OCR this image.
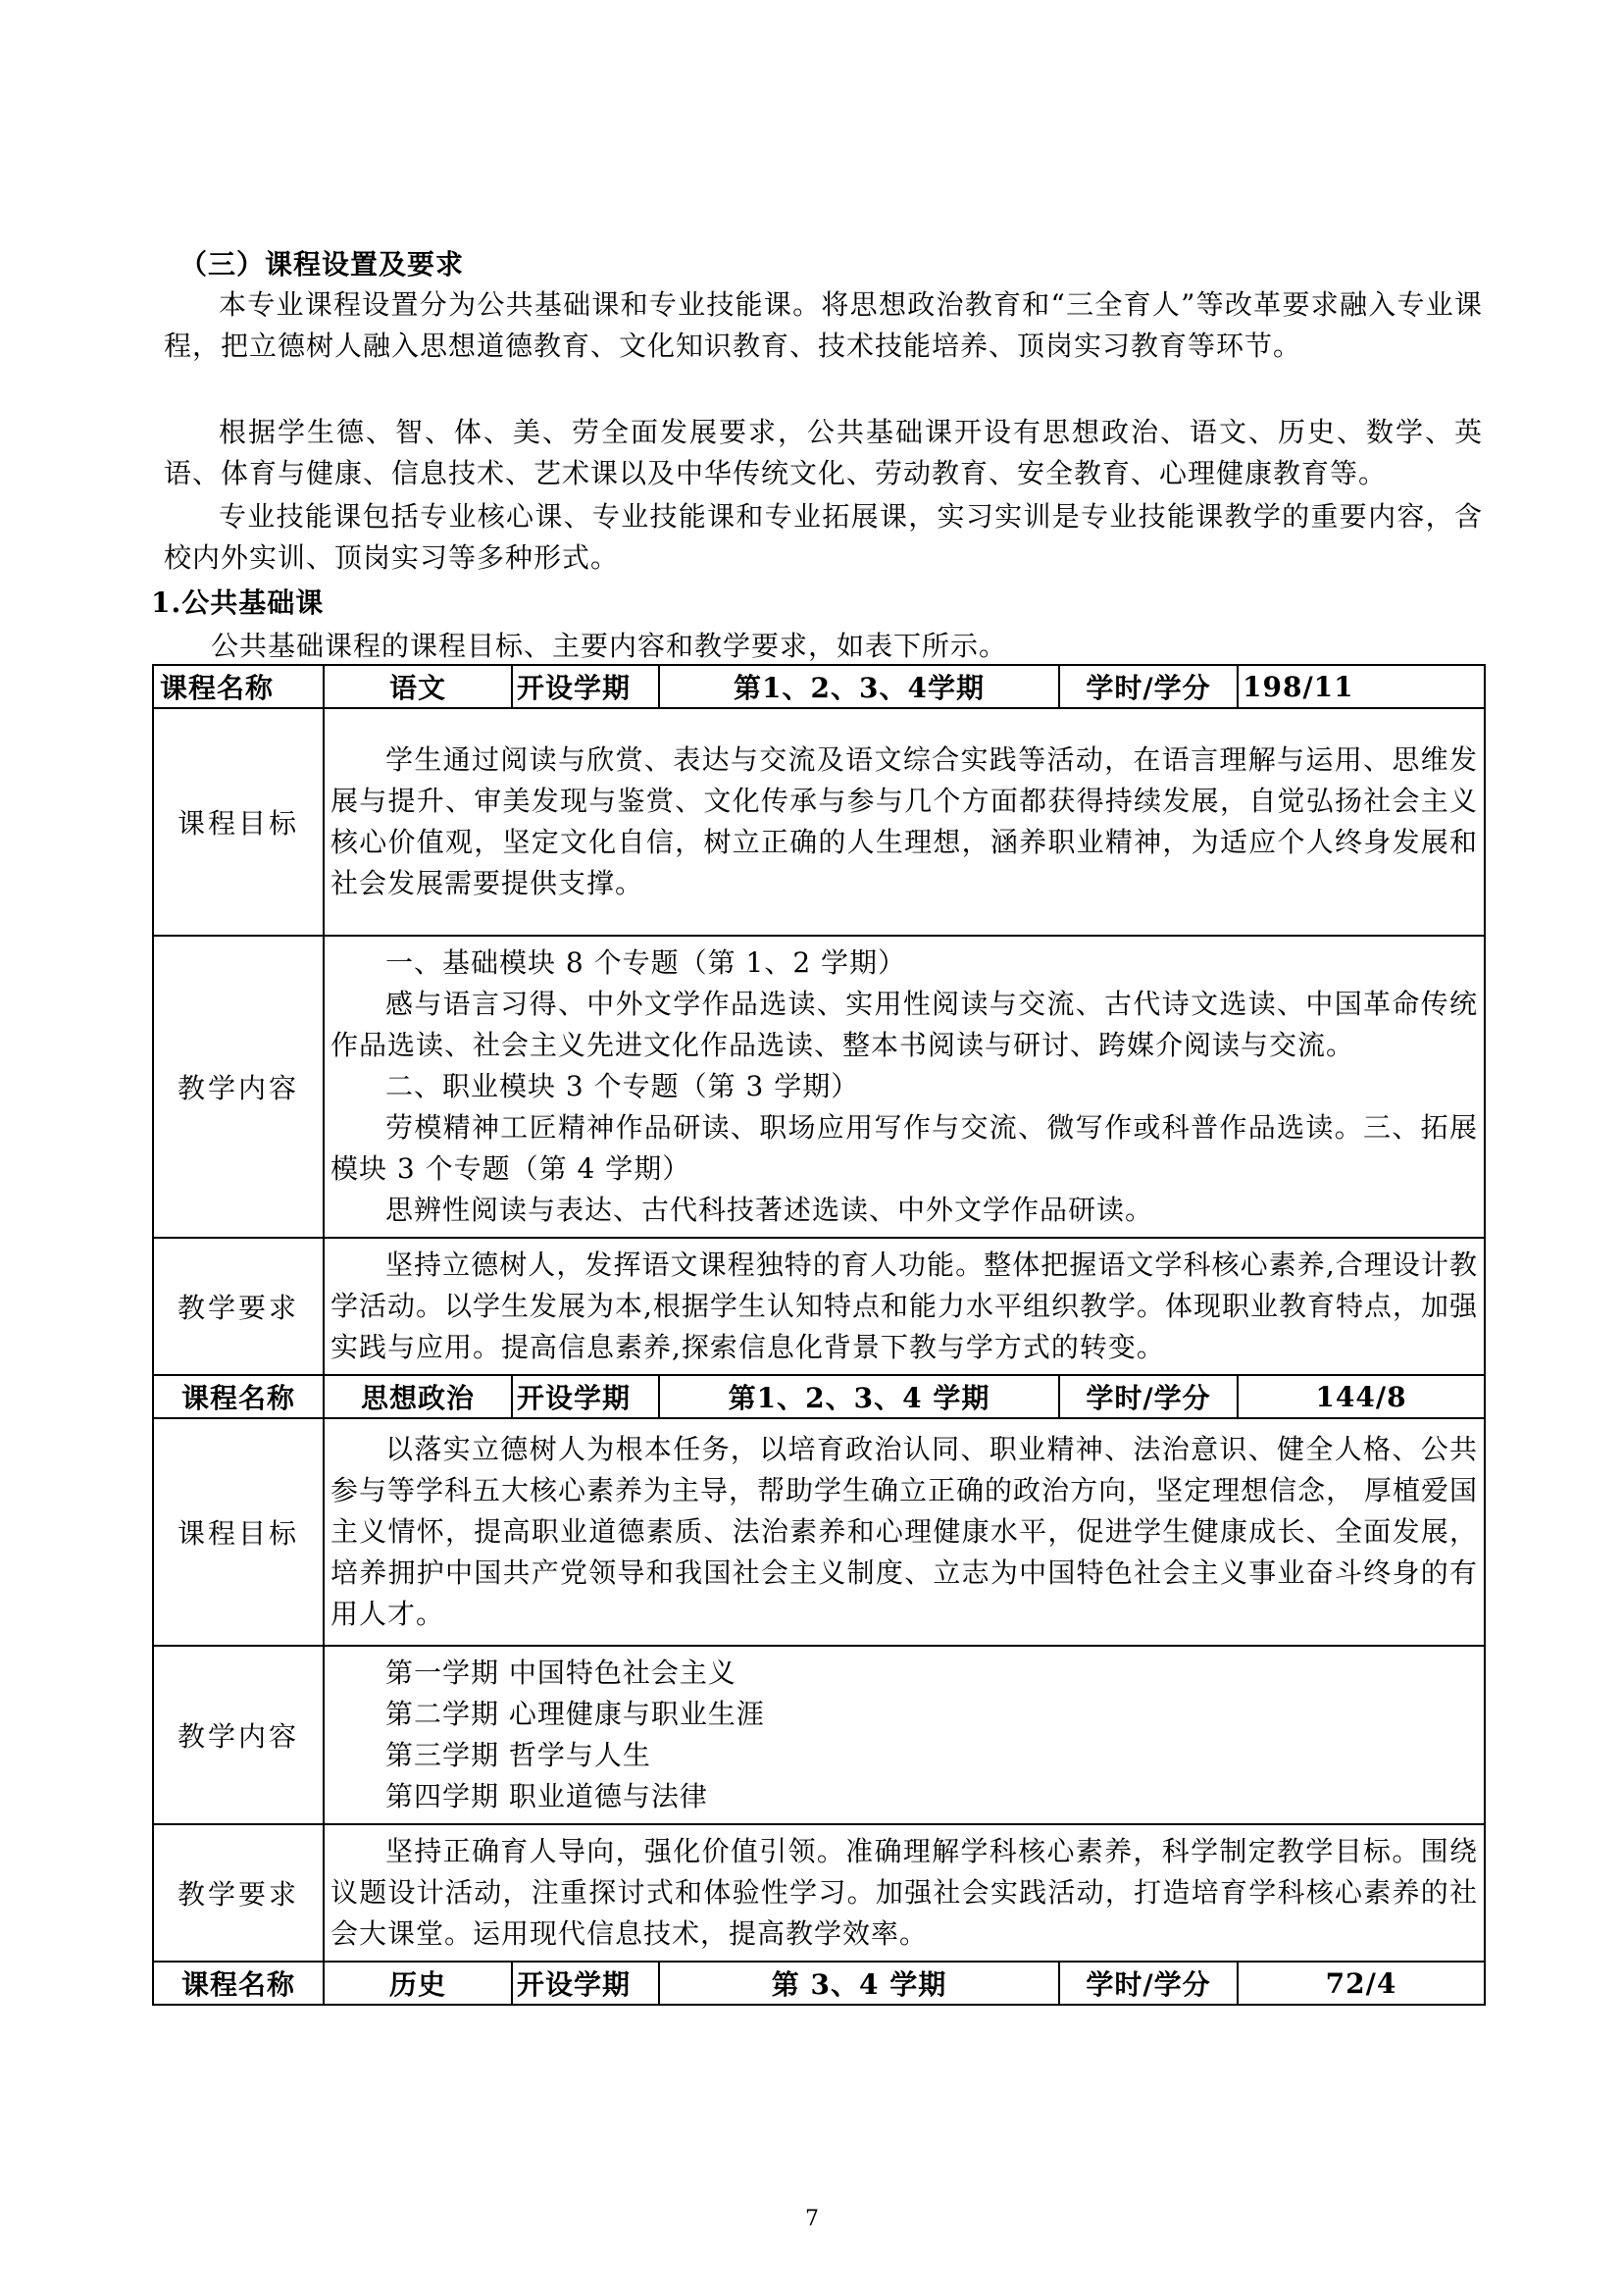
（三）课程设置及要求
本专业课程设置分为公共基础课和专业技能课。将思想政治教育和“三全育人”等改革要求融入专业课程，把立德树人融入思想道德教育、文化知识教育、技术技能培养、顶岗实习教育等环节。
根据学生德、智、体、美、劳全面发展要求，公共基础课开设有思想政治、语文、历史、数学、英语、体育与健康、信息技术、艺术课以及中华传统文化、劳动教育、安全教育、心理健康教育等。
专业技能课包括专业核心课、专业技能课和专业拓展课，实习实训是专业技能课教学的重要内容，含校内外实训、顶岗实习等多种形式。
1.公共基础课
公共基础课程的课程目标、主要内容和教学要求，如表下所示。
课程名称	语文	开设学期	第1、2、3、4学期	学时/学分	198/11
课程目标	学生通过阅读与欣赏、表达与交流及语文综合实践等活动，在语言理解与运用、思维发展与提升、审美发现与鉴赏、文化传承与参与几个方面都获得持续发展，自觉弘扬社会主义核心价值观，坚定文化自信，树立正确的人生理想，涵养职业精神，为适应个人终身发展和社会发展需要提供支撑。				

教学内容	一、基础模块 8 个专题（第 1、2 学期）
感与语言习得、中外文学作品选读、实用性阅读与交流、古代诗文选读、中国革命传统作品选读、社会主义先进文化作品选读、整本书阅读与研讨、跨媒介阅读与交流。
二、职业模块 3 个专题（第 3 学期）
劳模精神工匠精神作品研读、职场应用写作与交流、微写作或科普作品选读。三、拓展模块 3 个专题（第 4 学期）
思辨性阅读与表达、古代科技著述选读、中外文学作品研读。				

教学要求	坚持立德树人，发挥语文课程独特的育人功能。整体把握语文学科核心素养,合理设计教学活动。以学生发展为本,根据学生认知特点和能力水平组织教学。体现职业教育特点，加强实践与应用。提高信息素养,探索信息化背景下教与学方式的转变。				

课程名称	思想政治	开设学期	第1、2、3、4 学期	学时/学分	144/8
课程目标	以落实立德树人为根本任务，以培育政治认同、职业精神、法治意识、健全人格、公共参与等学科五大核心素养为主导，帮助学生确立正确的政治方向，坚定理想信念， 厚植爱国主义情怀，提高职业道德素质、法治素养和心理健康水平，促进学生健康成长、全面发展，培养拥护中国共产党领导和我国社会主义制度、立志为中国特色社会主义事业奋斗终身的有用人才。				

教学内容	第一学期 中国特色社会主义
第二学期 心理健康与职业生涯
第三学期 哲学与人生
第四学期 职业道德与法律				

教学要求	坚持正确育人导向，强化价值引领。准确理解学科核心素养，科学制定教学目标。围绕议题设计活动，注重探讨式和体验性学习。加强社会实践活动，打造培育学科核心素养的社会大课堂。运用现代信息技术，提高教学效率。				

课程名称	历史	开设学期	第 3、4 学期	学时/学分	72/4
7
